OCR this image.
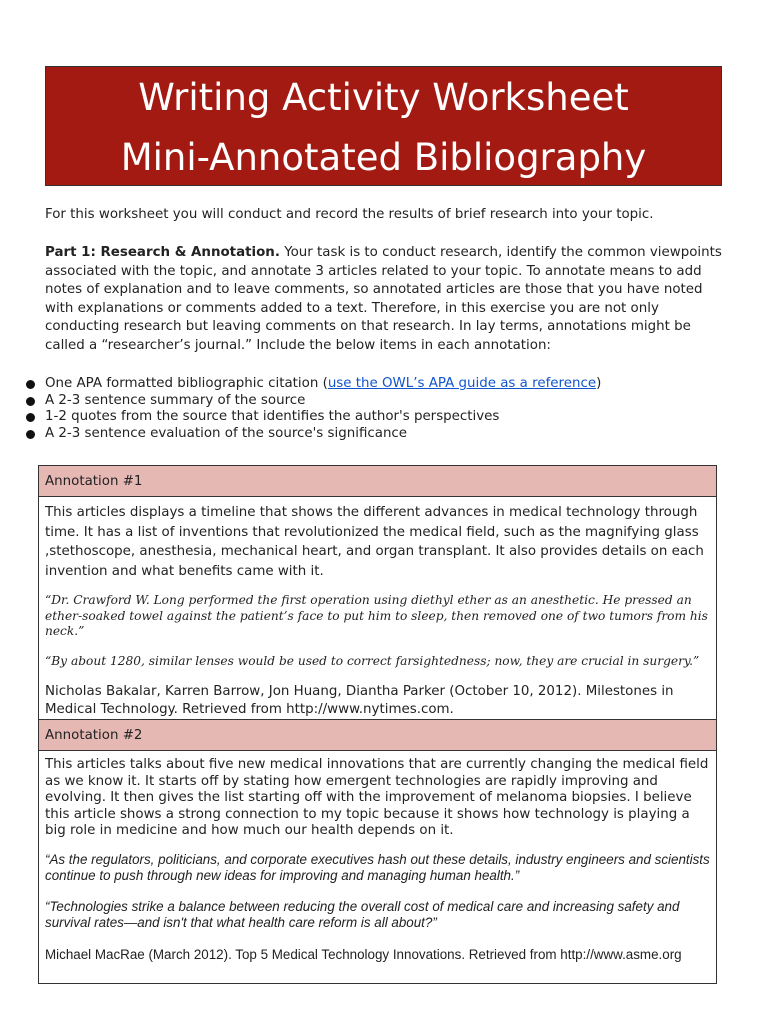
Writing Activity Worksheet
Mini-Annotated Bibliography

For this worksheet you will conduct and record the results of brief research into your topic.

Part 1: Research & Annotation. Your task is to conduct research, identify the common viewpoints associated with the topic, and annotate 3 articles related to your topic. To annotate means to add notes of explanation and to leave comments, so annotated articles are those that you have noted with explanations or comments added to a text. Therefore, in this exercise you are not only conducting research but leaving comments on that research. In lay terms, annotations might be called a “researcher’s journal.” Include the below items in each annotation:

One APA formatted bibliographic citation (use the OWL’s APA guide as a reference)
A 2-3 sentence summary of the source
1-2 quotes from the source that identifies the author's perspectives
A 2-3 sentence evaluation of the source's significance
Annotation #1

This articles displays a timeline that shows the different advances in medical technology through time. It has a list of inventions that revolutionized the medical field, such as the magnifying glass ,stethoscope, anesthesia, mechanical heart, and organ transplant. It also provides details on each invention and what benefits came with it.

“Dr. Crawford W. Long performed the first operation using diethyl ether as an anesthetic. He pressed an ether-soaked towel against the patient’s face to put him to sleep, then removed one of two tumors from his neck.”

“By about 1280, similar lenses would be used to correct farsightedness; now, they are crucial in surgery.”

Nicholas Bakalar, Karren Barrow, Jon Huang, Diantha Parker (October 10, 2012). Milestones in Medical Technology. Retrieved from http://www.nytimes.com.

Annotation #2

This articles talks about five new medical innovations that are currently changing the medical field as we know it. It starts off by stating how emergent technologies are rapidly improving and evolving. It then gives the list starting off with the improvement of melanoma biopsies. I believe this article shows a strong connection to my topic because it shows how technology is playing a big role in medicine and how much our health depends on it.

“As the regulators, politicians, and corporate executives hash out these details, industry engineers and scientists continue to push through new ideas for improving and managing human health.”

“Technologies strike a balance between reducing the overall cost of medical care and increasing safety and survival rates—and isn't that what health care reform is all about?”

Michael MacRae (March 2012). Top 5 Medical Technology Innovations. Retrieved from http://www.asme.org
